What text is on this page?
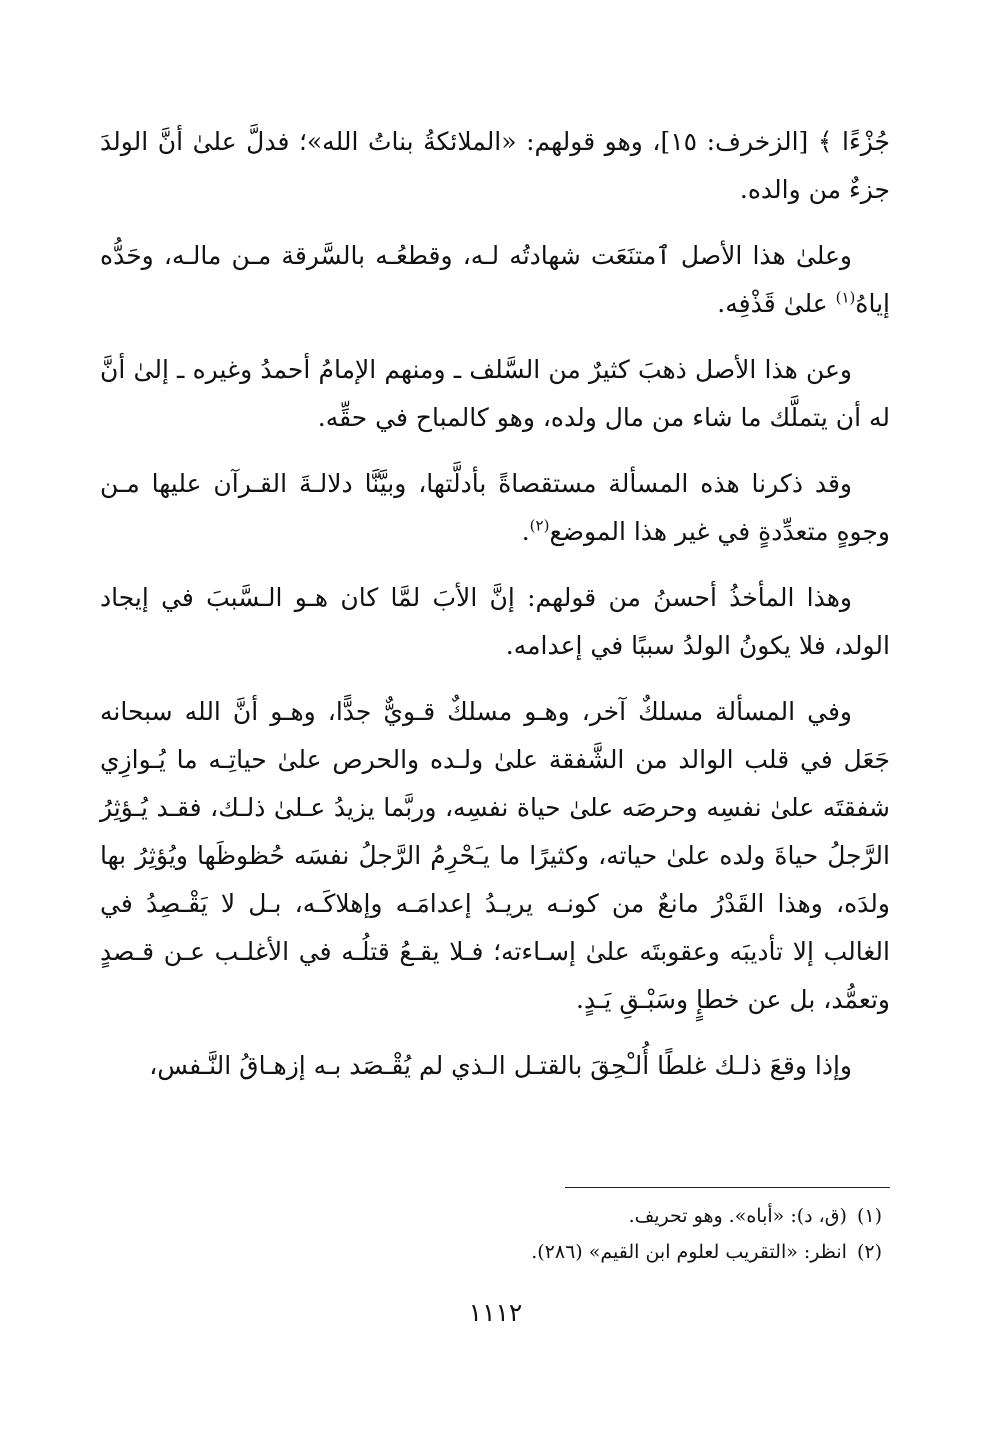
جُزْءًا ﴾ [الزخرف: ١٥]، وهو قولهم: «الملائكةُ بناتُ الله»؛ فدلَّ علىٰ أنَّ الولدَ جزءٌ من والده.

وعلىٰ هذا الأصل ٱمتنَعَت شهادتُه لـه، وقطعُـه بالسَّرقة مـن مالـه، وحَدُّه إياهُ$^{(١)}$ علىٰ قَذْفِه.

وعن هذا الأصل ذهبَ كثيرٌ من السَّلف ـ ومنهم الإمامُ أحمدُ وغيره ـ إلىٰ أنَّ له أن يتملَّك ما شاء من مال ولده، وهو كالمباح في حقِّه.

وقد ذكرنا هذه المسألة مستقصاةً بأدلَّتها، وبيَّنَّا دلالـةَ القـرآن عليها مـن وجوهٍ متعدِّدةٍ في غير هذا الموضع$^{(٢)}$.

وهذا المأخذُ أحسنُ من قولهم: إنَّ الأبَ لمَّا كان هـو الـسَّببَ في إيجاد الولد، فلا يكونُ الولدُ سببًا في إعدامه.

وفي المسألة مسلكٌ آخر، وهـو مسلكٌ قـويٌّ جدًّا، وهـو أنَّ الله سبحانه جَعَل في قلب الوالد من الشَّفقة علىٰ ولـده والحرص علىٰ حياتِـه ما يُـوازِي شفقتَه علىٰ نفسِه وحرصَه علىٰ حياة نفسِه، وربَّما يزيدُ عـلىٰ ذلـك، فقـد يُـؤثِرُ الرَّجلُ حياةَ ولده علىٰ حياته، وكثيرًا ما يـَحْرِمُ الرَّجلُ نفسَه حُظوظَها ويُؤثِرُ بها ولدَه، وهذا القَدْرُ مانعٌ من كونـه يريـدُ إعدامَـه وإهلاكَـه، بـل لا يَقْـصِدُ في الغالب إلا تأديبَه وعقوبتَه علىٰ إسـاءته؛ فـلا يقـعُ قتلُـه في الأغلـب عـن قـصدٍ وتعمُّد، بل عن خطإٍ وسَبْـقِ يَـدٍ.

وإذا وقعَ ذلـك غلطًا أُلـْحِقَ بالقتـل الـذي لم يُقْـصَد بـه إزهـاقُ النَّـفس،

(١)(ق، د): «أباه». وهو تحريف.
(٢)انظر: «التقريب لعلوم ابن القيم» (٢٨٦).
١١١٢
